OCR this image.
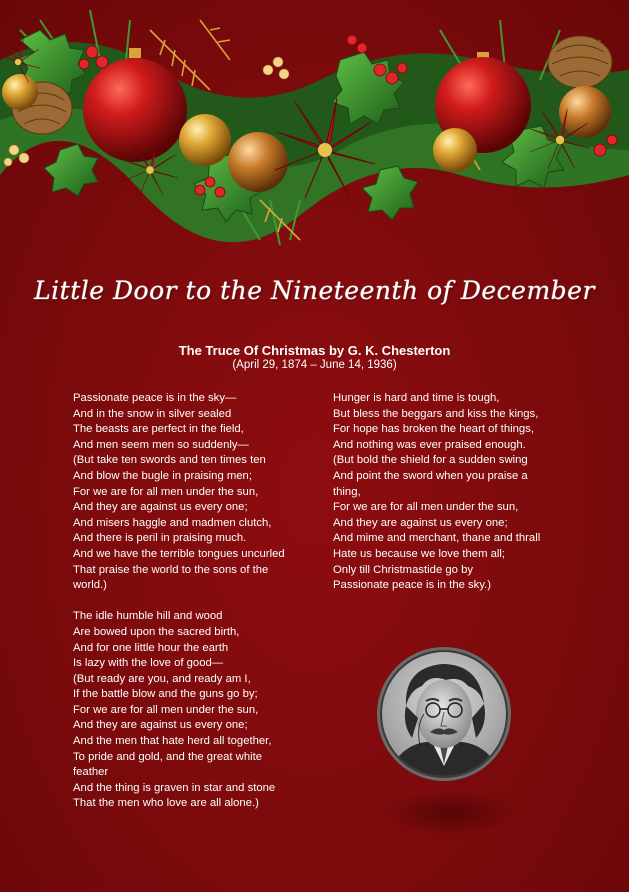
Little Door to the Nineteenth of December
The Truce Of Christmas by G. K. Chesterton
(April 29, 1874 – June 14, 1936)
Passionate peace is in the sky—
And in the snow in silver sealed
The beasts are perfect in the field,
And men seem men so suddenly—
(But take ten swords and ten times ten
And blow the bugle in praising men;
For we are for all men under the sun,
And they are against us every one;
And misers haggle and madmen clutch,
And there is peril in praising much.
And we have the terrible tongues uncurled
That praise the world to the sons of the
world.)
The idle humble hill and wood
Are bowed upon the sacred birth,
And for one little hour the earth
Is lazy with the love of good—
(But ready are you, and ready am I,
If the battle blow and the guns go by;
For we are for all men under the sun,
And they are against us every one;
And the men that hate herd all together,
To pride and gold, and the great white
feather
And the thing is graven in star and stone
That the men who love are all alone.)
Hunger is hard and time is tough,
But bless the beggars and kiss the kings,
For hope has broken the heart of things,
And nothing was ever praised enough.
(But bold the shield for a sudden swing
And point the sword when you praise a
thing,
For we are for all men under the sun,
And they are against us every one;
And mime and merchant, thane and thrall
Hate us because we love them all;
Only till Christmastide go by
Passionate peace is in the sky.)
